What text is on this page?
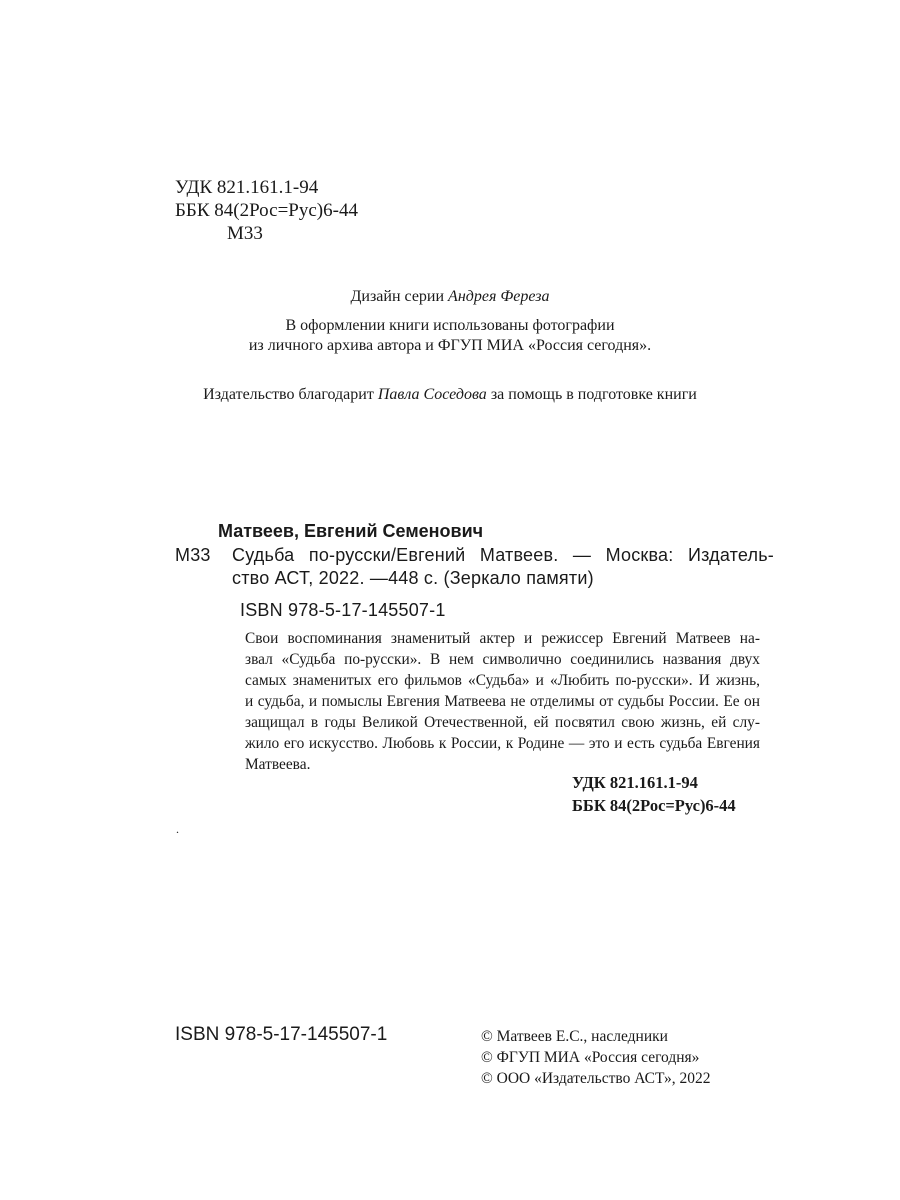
УДК 821.161.1-94
ББК 84(2Рос=Рус)6-44
М33
Дизайн серии Андрея Фереза
В оформлении книги использованы фотографии
из личного архива автора и ФГУП МИА «Россия сегодня».
Издательство благодарит Павла Соседова за помощь в подготовке книги
Матвеев, Евгений Семенович
М33 Судьба по-русски/Евгений Матвеев. — Москва: Издатель-
ство АСТ, 2022. —448 с. (Зеркало памяти)
ISBN 978-5-17-145507-1
Свои воспоминания знаменитый актер и режиссер Евгений Матвеев на-
звал «Судьба по-русски». В нем символично соединились названия двух
самых знаменитых его фильмов «Судьба» и «Любить по-русски». И жизнь,
и судьба, и помыслы Евгения Матвеева не отделимы от судьбы России. Ее он
защищал в годы Великой Отечественной, ей посвятил свою жизнь, ей слу-
жило его искусство. Любовь к России, к Родине — это и есть судьба Евгения
Матвеева.
УДК 821.161.1-94
ББК 84(2Рос=Рус)6-44
.
ISBN 978-5-17-145507-1	© Матвеев Е.С., наследники
© ФГУП МИА «Россия сегодня»
© ООО «Издательство АСТ», 2022
